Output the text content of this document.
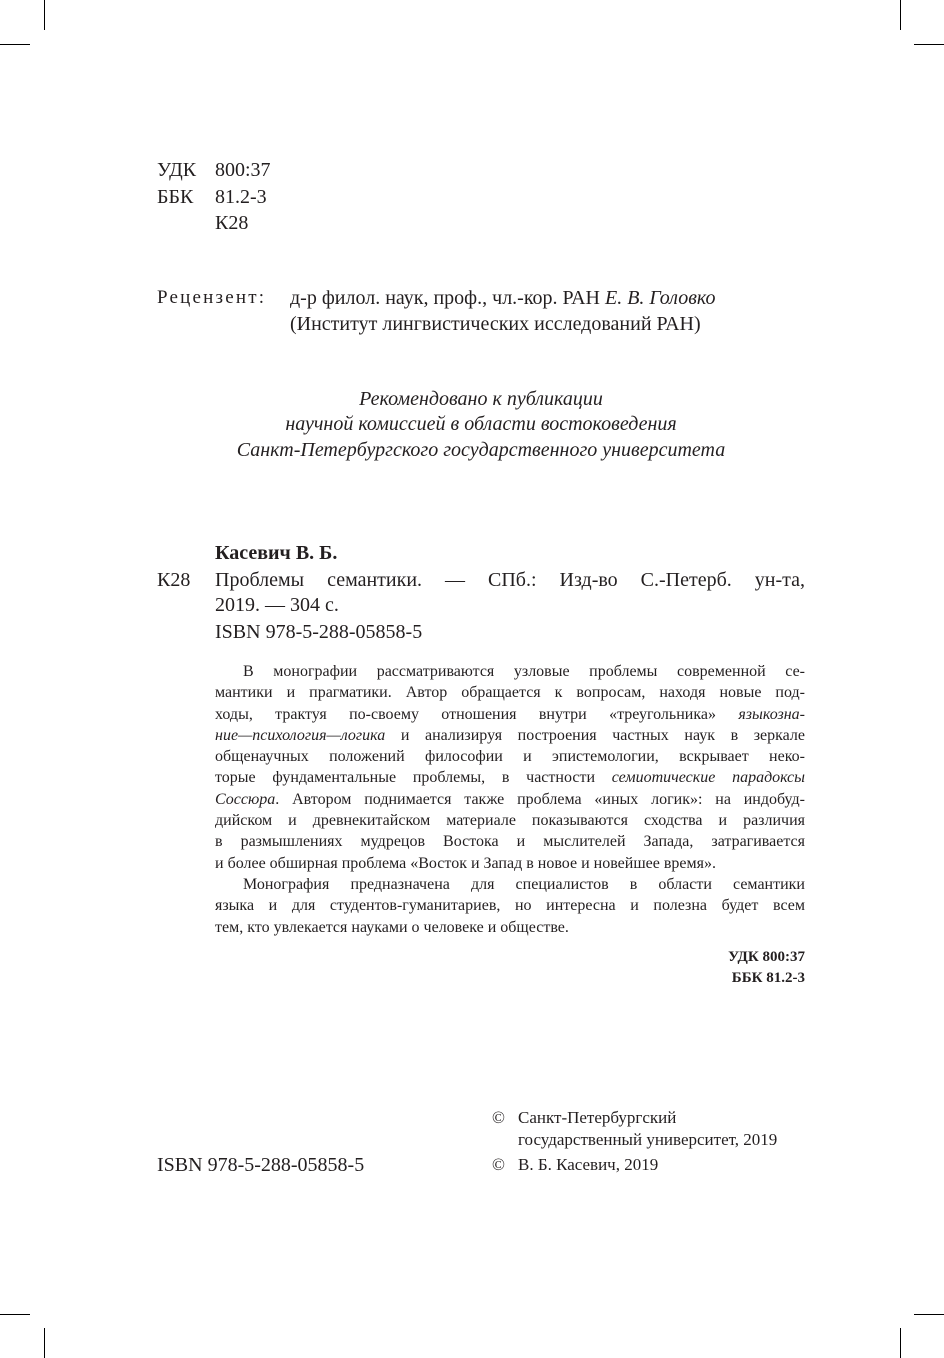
УДК 800:37
ББК 81.2-3
К28
Рецензент: д-р филол. наук, проф., чл.-кор. РАН Е. В. Головко
(Институт лингвистических исследований РАН)
Рекомендовано к публикации
научной комиссией в области востоковедения
Санкт-Петербургского государственного университета
Касевич В. Б.
К28 Проблемы семантики. — СПб.: Изд-во С.-Петерб. ун-та,
2019. — 304 с.
ISBN 978-5-288-05858-5
В монографии рассматриваются узловые проблемы современной се-
мантики и прагматики. Автор обращается к вопросам, находя новые под-
ходы, трактуя по-своему отношения внутри «треугольника» языкозна-
ние—психология—логика и анализируя построения частных наук в зеркале
общенаучных положений философии и эпистемологии, вскрывает неко-
торые фундаментальные проблемы, в частности семиотические парадоксы
Соссюра. Автором поднимается также проблема «иных логик»: на индобуд-
дийском и древнекитайском материале показываются сходства и различия
в размышлениях мудрецов Востока и мыслителей Запада, затрагивается
и более обширная проблема «Восток и Запад в новое и новейшее время».
Монография предназначена для специалистов в области семантики
языка и для студентов-гуманитариев, но интересна и полезна будет всем
тем, кто увлекается науками о человеке и обществе.
УДК 800:37
ББК 81.2-3
© Санкт-Петербургский
государственный университет, 2019
ISBN 978-5-288-05858-5	© В. Б. Касевич, 2019
